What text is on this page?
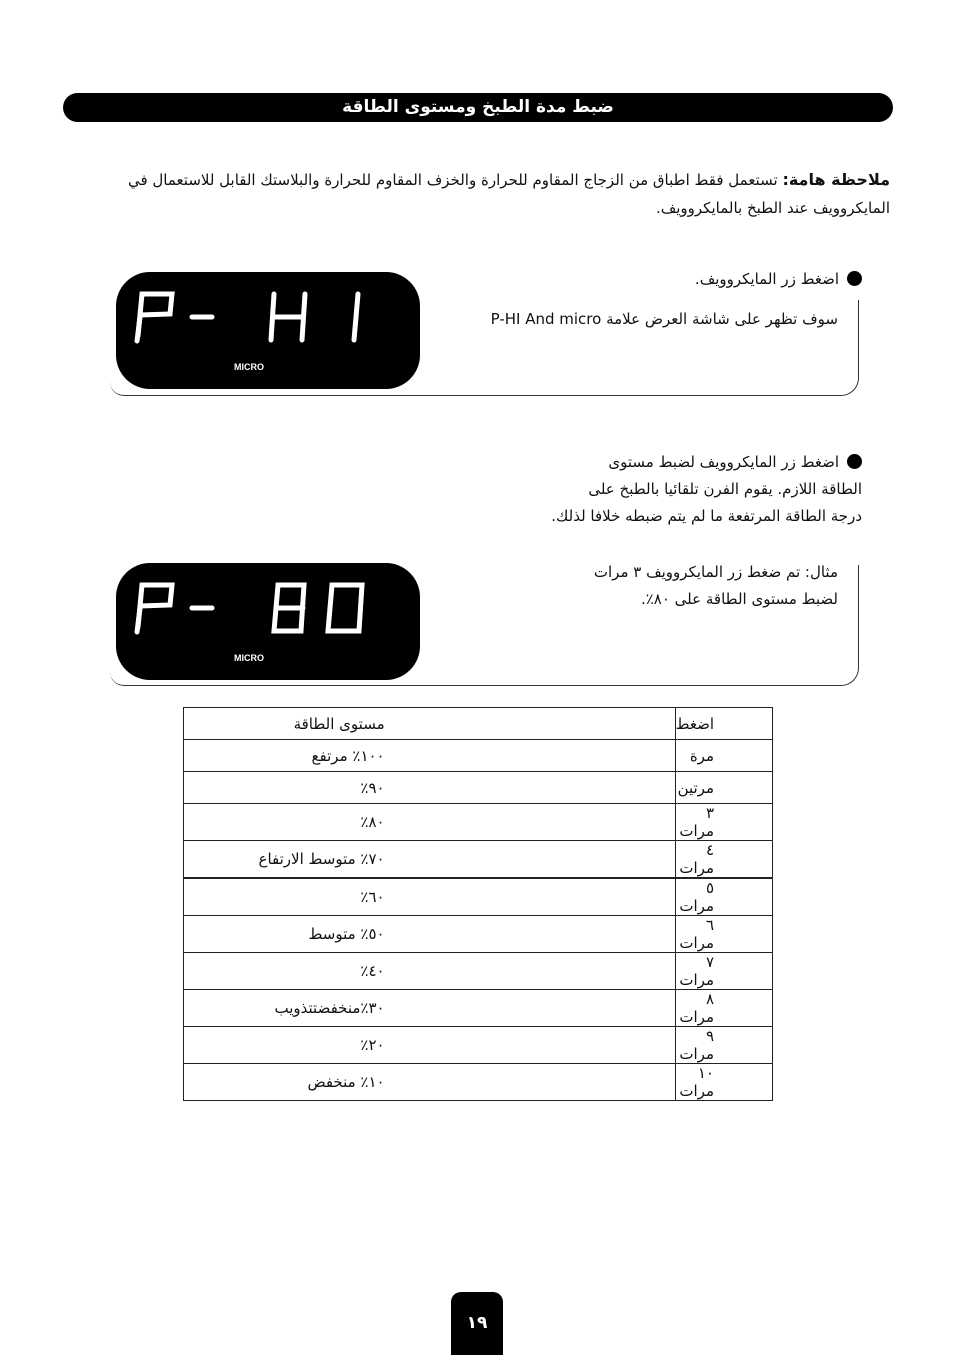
ضبط مدة الطبخ ومستوى الطاقة
ملاحظة هامة: تستعمل فقط اطباق من الزجاج المقاوم للحرارة والخزف المقاوم للحرارة والبلاستك القابل للاستعمال في
المايكروويف عند الطبخ بالمايكروويف.
اضغط زر المايكروويف.
سوف تظهر على شاشة العرض علامة P-HI And micro
MICRO
اضغط زر المايكروويف لضبط مستوى
الطاقة اللازم. يقوم الفرن تلقائيا بالطبخ على
درجة الطاقة المرتفعة ما لم يتم ضبطه خلافا لذلك.
مثال: تم ضغط زر المايكروويف ٣ مرات
لضبط مستوى الطاقة على ٨٠٪.
MICRO
اضغط	مستوى الطاقة
مرة	١٠٠٪ مرتفع
مرتين	٩٠٪
٣ مرات	٨٠٪
٤ مرات	٧٠٪ متوسط الارتفاع
٥ مرات	٦٠٪
٦ مرات	٥٠٪ متوسط
٧ مرات	٤٠٪
٨ مرات	٣٠٪منخفضتتذويب
٩ مرات	٢٠٪
١٠ مرات	١٠٪ منخفض
١٩
